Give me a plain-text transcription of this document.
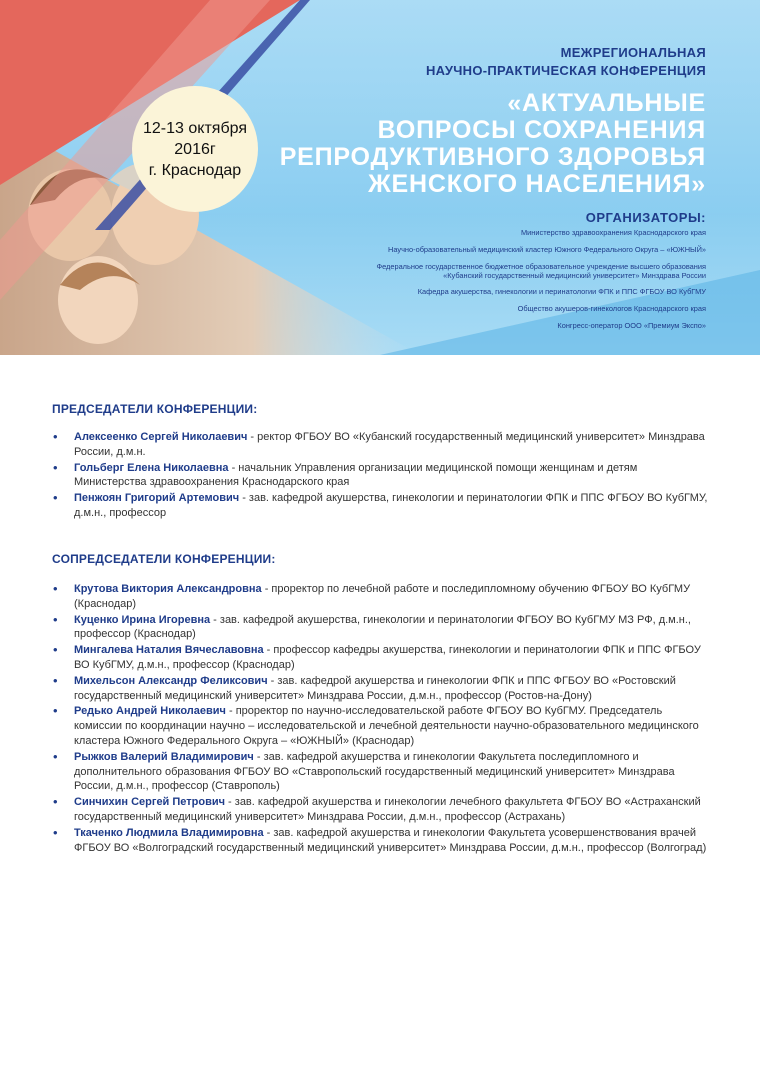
12-13 октября
2016г
г. Краснодар
МЕЖРЕГИОНАЛЬНАЯ
НАУЧНО-ПРАКТИЧЕСКАЯ КОНФЕРЕНЦИЯ
«АКТУАЛЬНЫЕ
ВОПРОСЫ СОХРАНЕНИЯ
РЕПРОДУКТИВНОГО ЗДОРОВЬЯ
ЖЕНСКОГО НАСЕЛЕНИЯ»
ОРГАНИЗАТОРЫ:
Министерство здравоохранения Краснодарского края
Научно-образовательный медицинский кластер Южного Федерального Округа – «ЮЖНЫЙ»
Федеральное государственное бюджетное образовательное учреждение высшего образования
«Кубанский государственный медицинский университет» Минздрава России
Кафедра акушерства, гинекологии и перинатологии ФПК и ППС ФГБОУ ВО КубГМУ
Общество акушеров-гинекологов Краснодарского края
Конгресс-оператор ООО «Премиум Экспо»
ПРЕДСЕДАТЕЛИ КОНФЕРЕНЦИИ:
• Алексеенко Сергей Николаевич - ректор ФГБОУ ВО «Кубанский государственный медицинский университет» Минздрава России, д.м.н.
• Гольберг Елена Николаевна - начальник Управления организации медицинской помощи женщинам и детям Министерства здравоохранения Краснодарского края
• Пенжоян Григорий Артемович - зав. кафедрой акушерства, гинекологии и перинатологии ФПК и ППС ФГБОУ ВО КубГМУ, д.м.н., профессор
СОПРЕДСЕДАТЕЛИ КОНФЕРЕНЦИИ:
• Крутова Виктория Александровна - проректор по лечебной работе и последипломному обучению ФГБОУ ВО КубГМУ (Краснодар)
• Куценко Ирина Игоревна - зав. кафедрой акушерства, гинекологии и перинатологии ФГБОУ ВО КубГМУ МЗ РФ, д.м.н., профессор (Краснодар)
• Мингалева Наталия Вячеславовна - профессор кафедры акушерства, гинекологии и перинатологии ФПК и ППС ФГБОУ ВО КубГМУ, д.м.н., профессор (Краснодар)
• Михельсон Александр Феликсович - зав. кафедрой акушерства и гинекологии ФПК и ППС ФГБОУ ВО «Ростовский государственный медицинский университет» Минздрава России, д.м.н., профессор (Ростов-на-Дону)
• Редько Андрей Николаевич - проректор по научно-исследовательской работе ФГБОУ ВО КубГМУ. Председатель комиссии по координации научно – исследовательской и лечебной деятельности научно-образовательного медицинского кластера Южного Федерального Округа – «ЮЖНЫЙ» (Краснодар)
• Рыжков Валерий Владимирович - зав. кафедрой акушерства и гинекологии Факультета последипломного и дополнительного образования ФГБОУ ВО «Ставропольский государственный медицинский университет» Минздрава России, д.м.н., профессор (Ставрополь)
• Синчихин Сергей Петрович - зав. кафедрой акушерства и гинекологии лечебного факультета ФГБОУ ВО «Астраханский государственный медицинский университет» Минздрава России, д.м.н., профессор (Астрахань)
• Ткаченко Людмила Владимировна - зав. кафедрой акушерства и гинекологии Факультета усовершенствования врачей ФГБОУ ВО «Волгоградский государственный медицинский университет» Минздрава России, д.м.н., профессор (Волгоград)
